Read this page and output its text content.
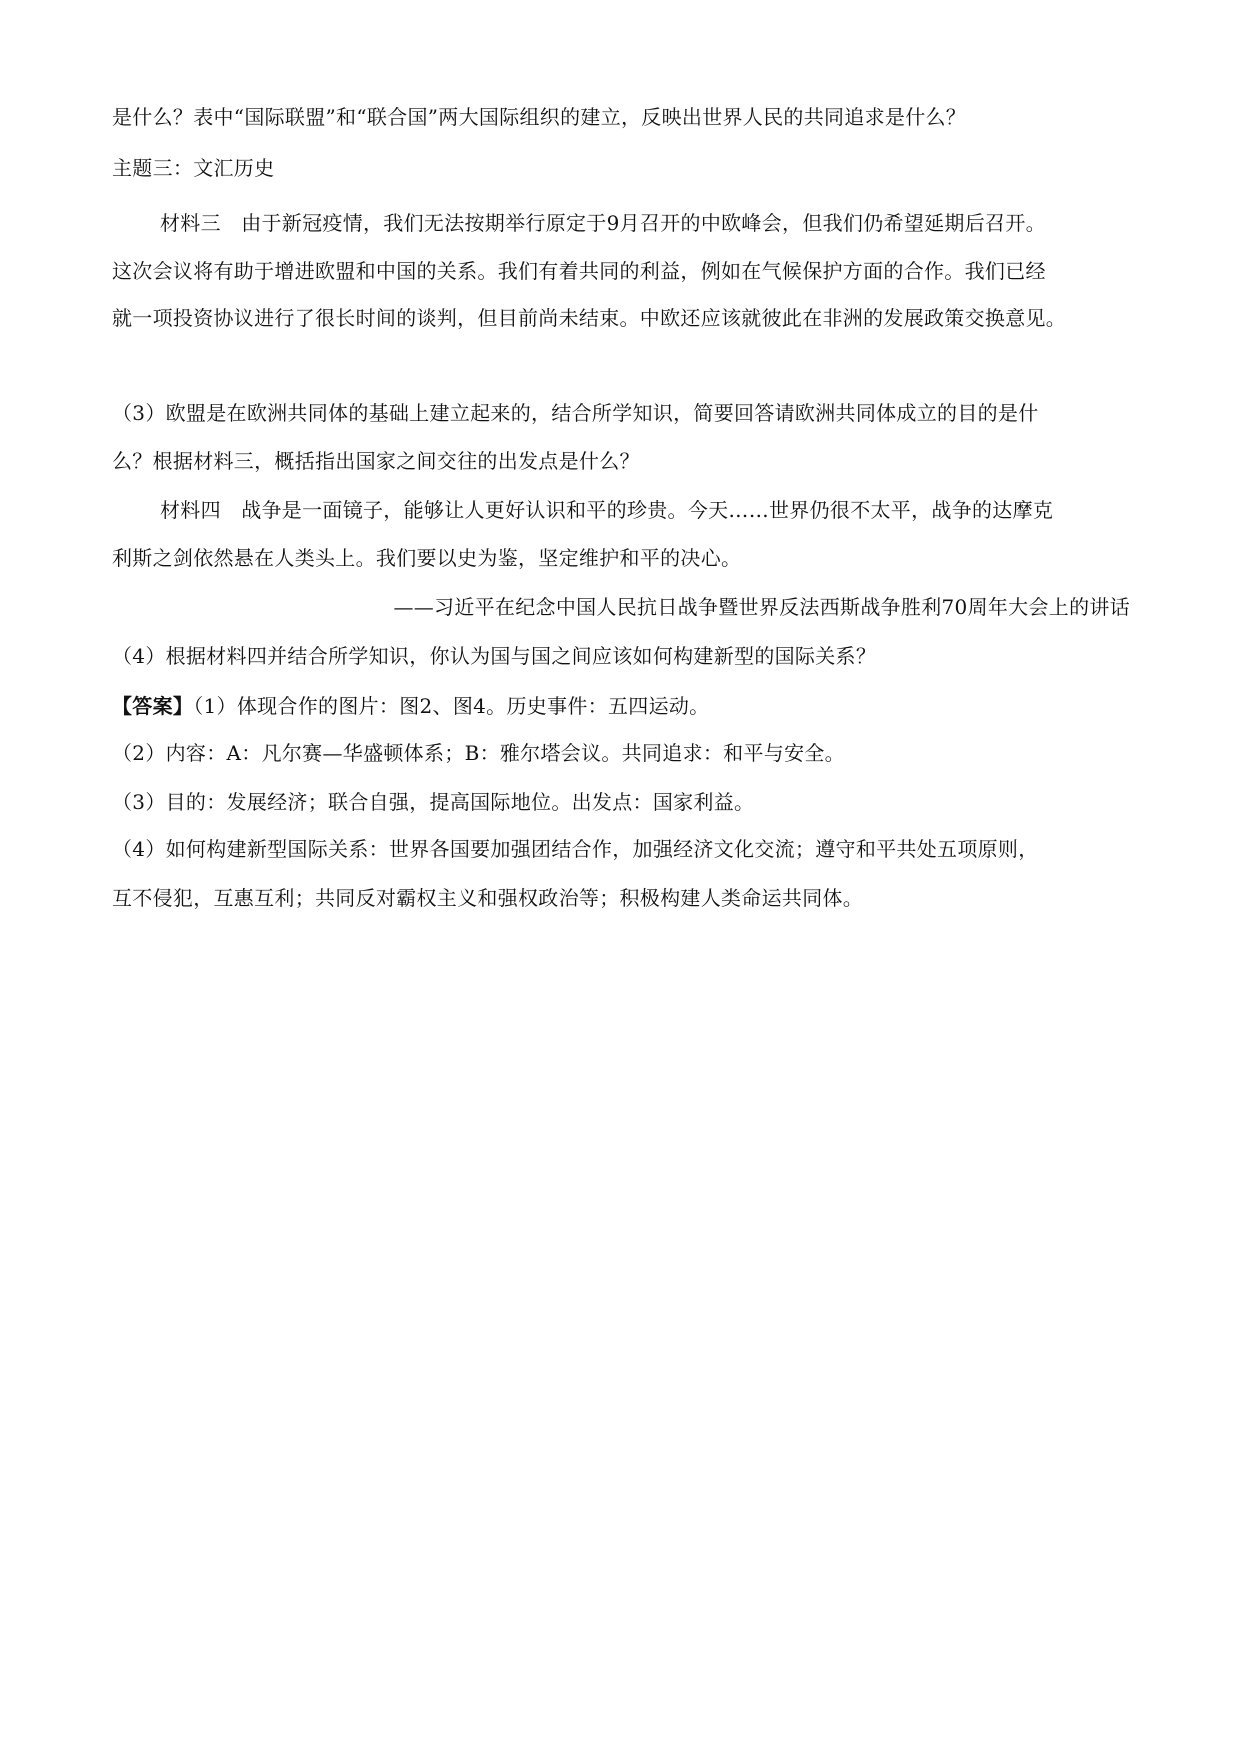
是什么？表中“国际联盟”和“联合国”两大国际组织的建立，反映出世界人民的共同追求是什么？
主题三：文汇历史
材料三　由于新冠疫情，我们无法按期举行原定于9月召开的中欧峰会，但我们仍希望延期后召开。
这次会议将有助于增进欧盟和中国的关系。我们有着共同的利益，例如在气候保护方面的合作。我们已经
就一项投资协议进行了很长时间的谈判，但目前尚未结束。中欧还应该就彼此在非洲的发展政策交换意见。
（3）欧盟是在欧洲共同体的基础上建立起来的，结合所学知识，简要回答请欧洲共同体成立的目的是什
么？根据材料三，概括指出国家之间交往的出发点是什么？
材料四　战争是一面镜子，能够让人更好认识和平的珍贵。今天……世界仍很不太平，战争的达摩克
利斯之剑依然悬在人类头上。我们要以史为鉴，坚定维护和平的决心。
——习近平在纪念中国人民抗日战争暨世界反法西斯战争胜利70周年大会上的讲话
（4）根据材料四并结合所学知识，你认为国与国之间应该如何构建新型的国际关系？
【答案】（1）体现合作的图片：图2、图4。历史事件：五四运动。
（2）内容：A：凡尔赛—华盛顿体系；B：雅尔塔会议。共同追求：和平与安全。
（3）目的：发展经济；联合自强，提高国际地位。出发点：国家利益。
（4）如何构建新型国际关系：世界各国要加强团结合作，加强经济文化交流；遵守和平共处五项原则，
互不侵犯，互惠互利；共同反对霸权主义和强权政治等；积极构建人类命运共同体。
